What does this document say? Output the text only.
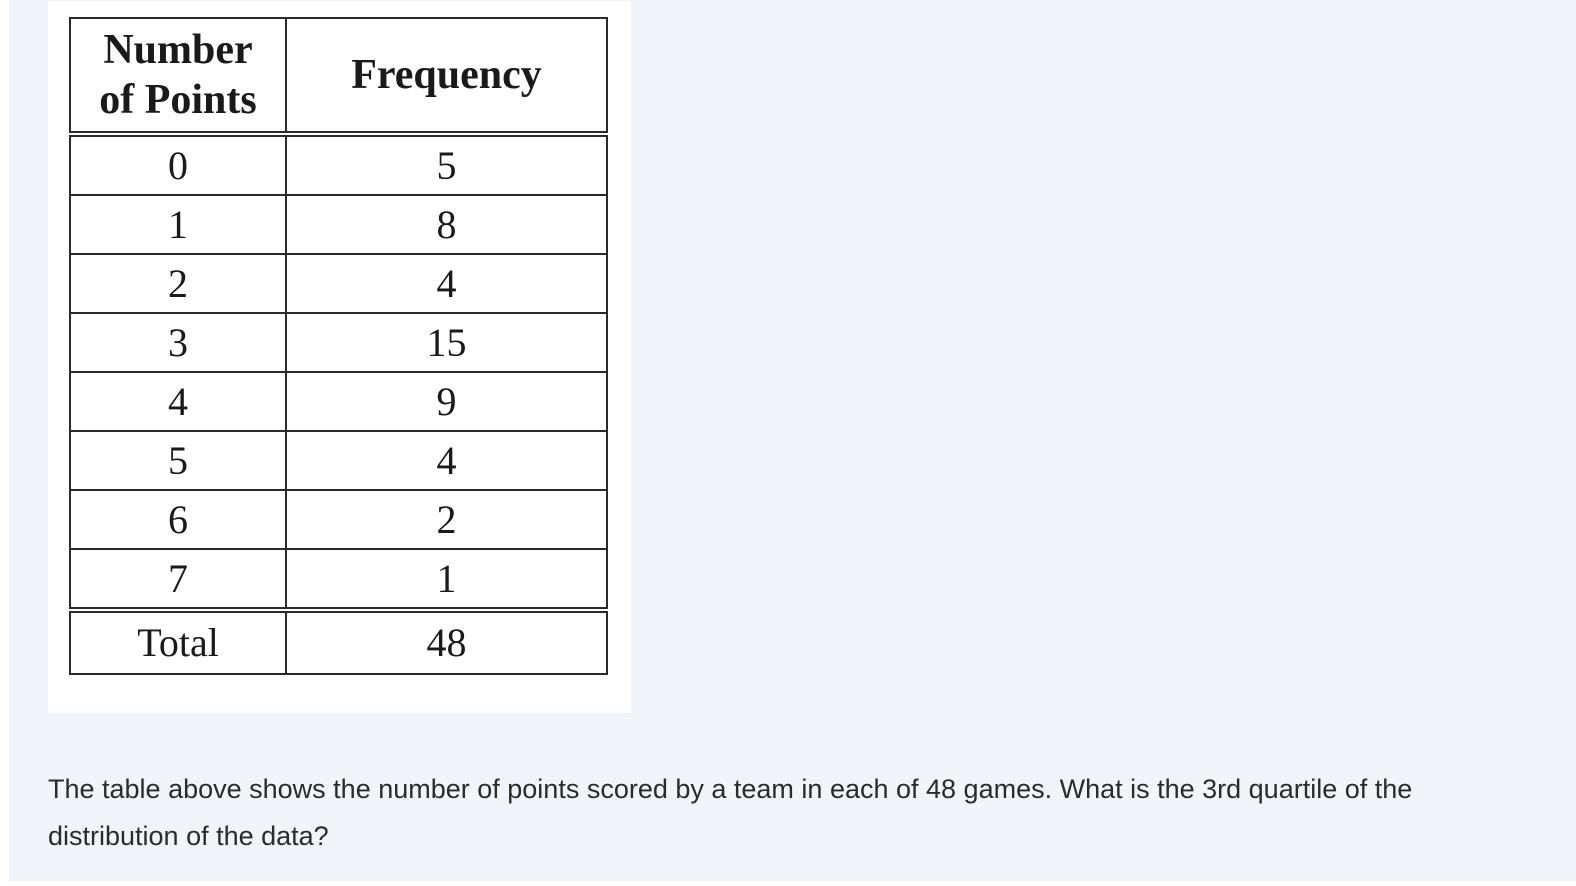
Number
of Points	Frequency
0	5
1	8
2	4
3	15
4	9
5	4
6	2
7	1
Total	48

The table above shows the number of points scored by a team in each of 48 games. What is the 3rd quartile of the distribution of the data?
